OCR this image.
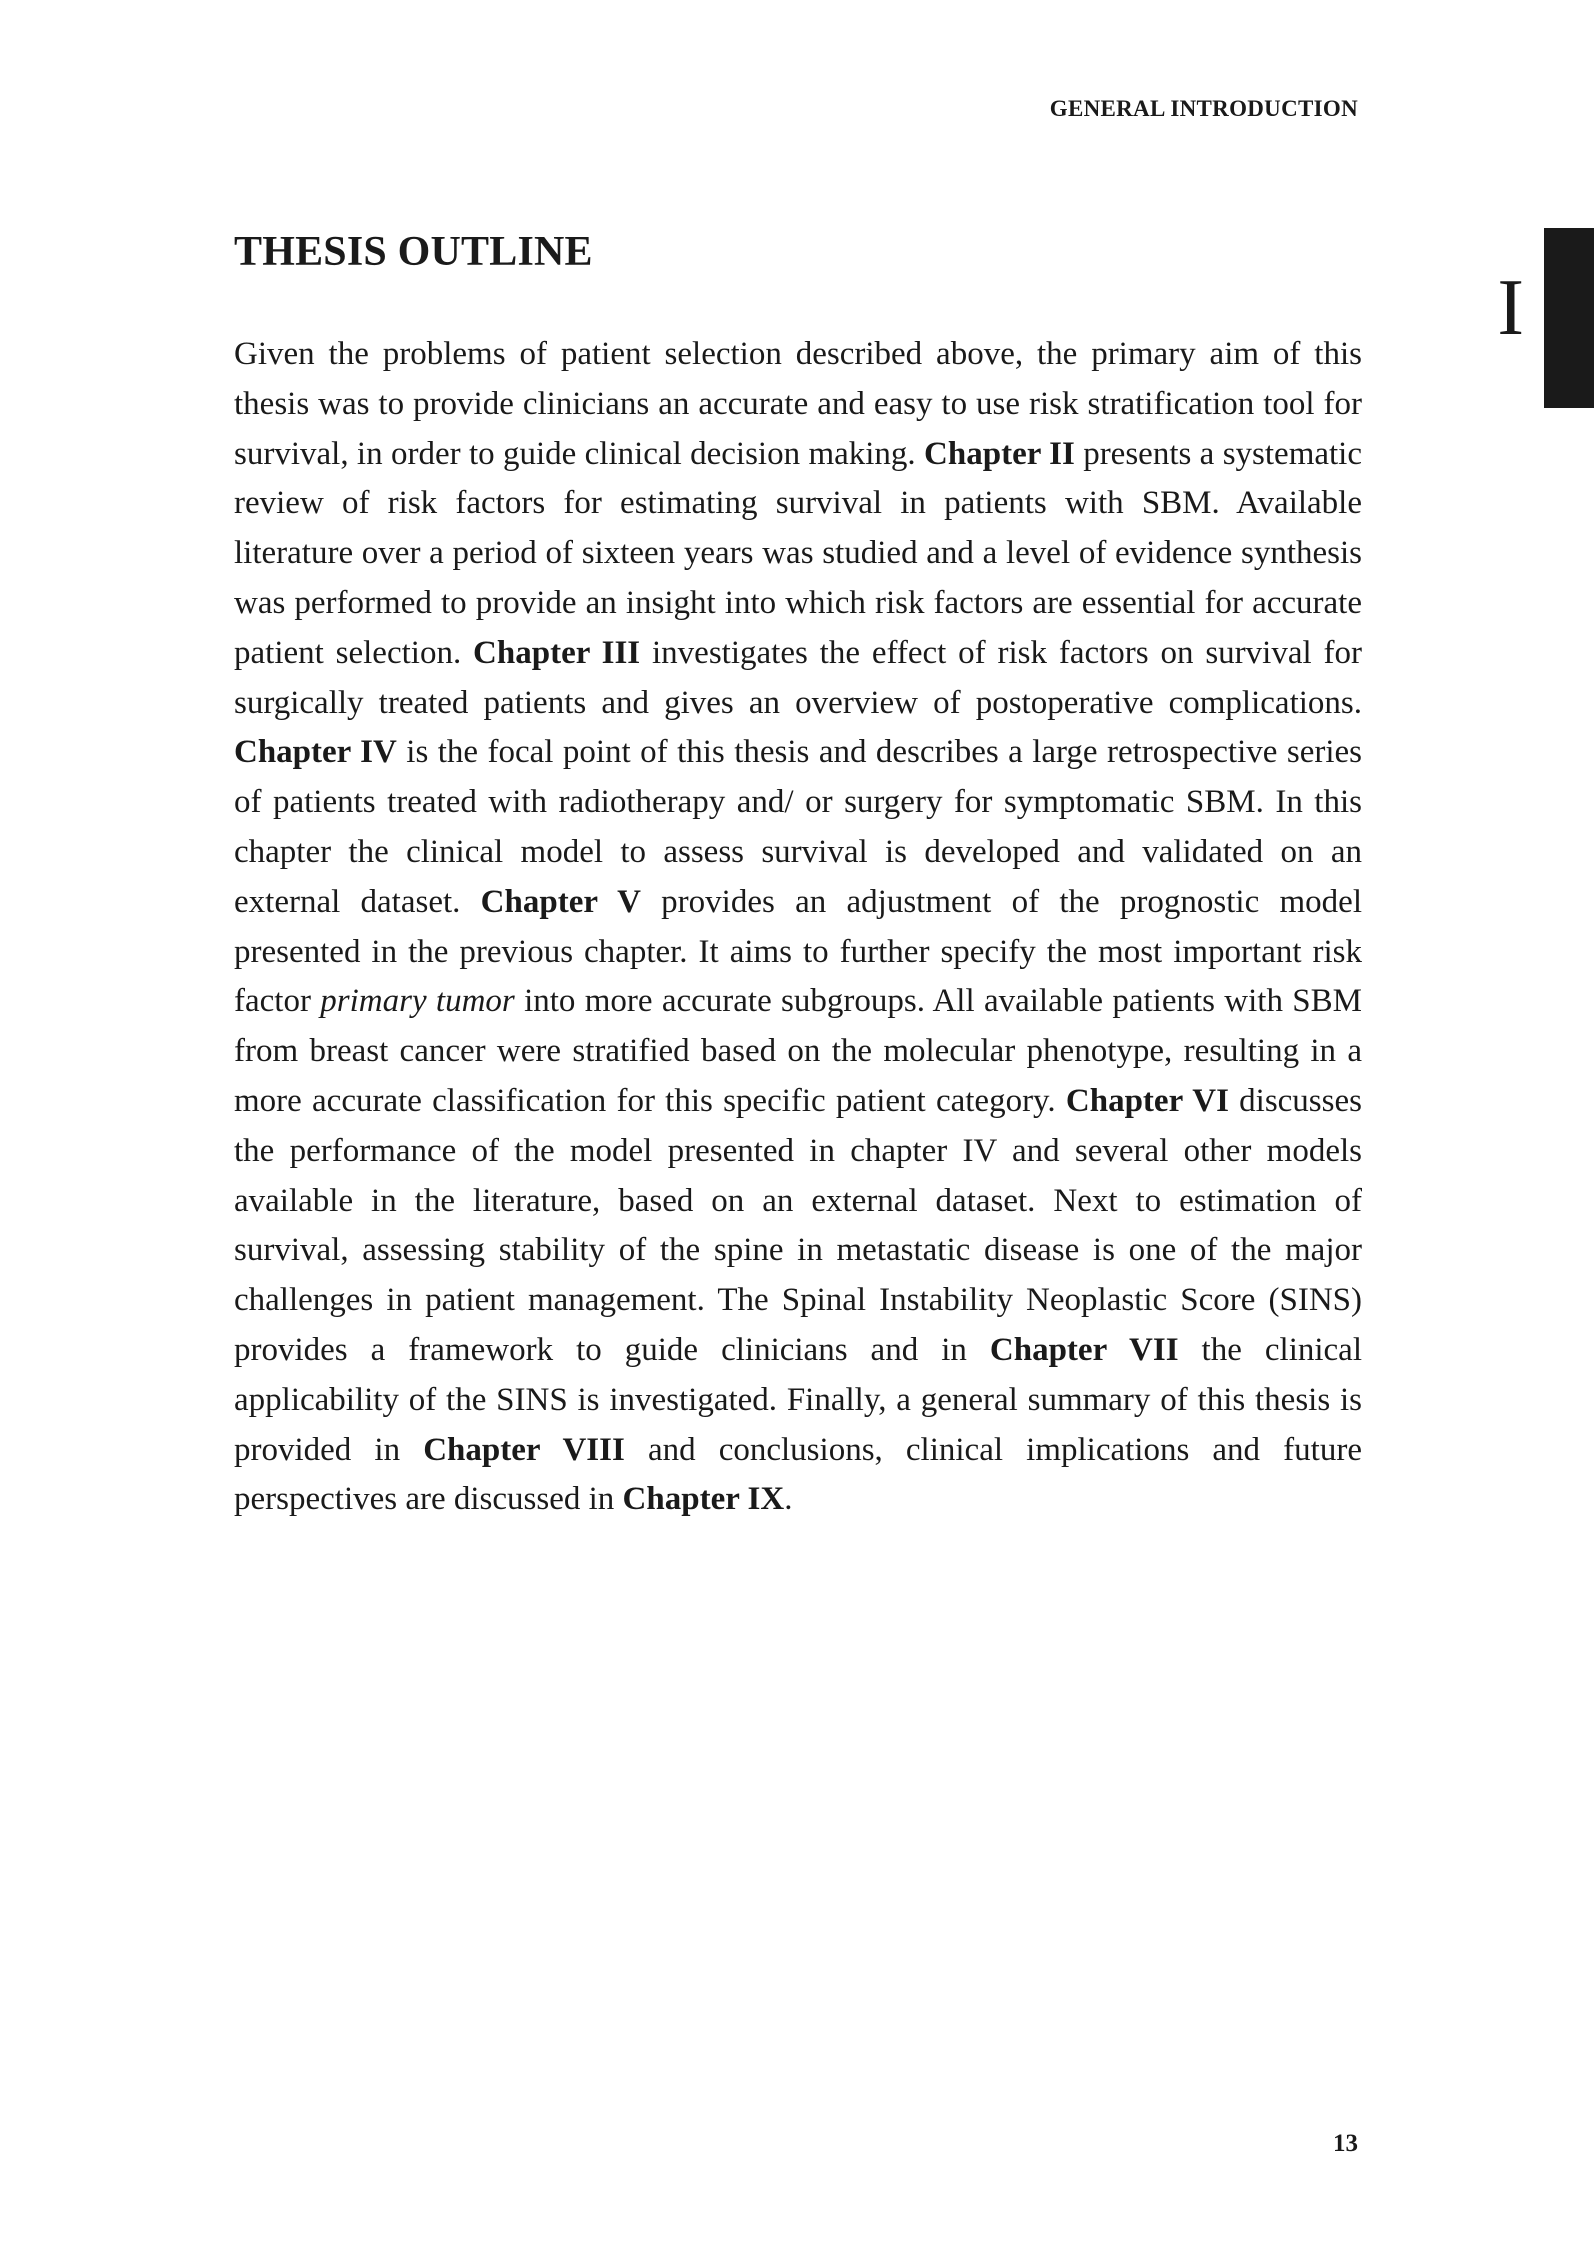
GENERAL INTRODUCTION
I
THESIS OUTLINE

Given the problems of patient selection described above, the primary aim of this thesis was to provide clinicians an accurate and easy to use risk stratification tool for survival, in order to guide clinical decision making. Chapter II presents a systematic review of risk factors for estimating survival in patients with SBM. Available literature over a period of sixteen years was studied and a level of evidence synthesis was performed to provide an insight into which risk factors are essential for accurate patient selection. Chapter III investigates the effect of risk factors on survival for surgically treated patients and gives an overview of postoperative complications. Chapter IV is the focal point of this thesis and describes a large retrospective series of patients treated with radiotherapy and/ or surgery for symptomatic SBM. In this chapter the clinical model to assess survival is developed and validated on an external dataset. Chapter V provides an adjustment of the prognostic model presented in the previous chapter. It aims to further specify the most important risk factor primary tumor into more accurate subgroups. All available patients with SBM from breast cancer were stratified based on the molecular phenotype, resulting in a more accurate classification for this specific patient category. Chapter VI discusses the performance of the model presented in chapter IV and several other models available in the literature, based on an external dataset. Next to estimation of survival, assessing stability of the spine in metastatic disease is one of the major challenges in patient management. The Spinal Instability Neoplastic Score (SINS) provides a framework to guide clinicians and in Chapter VII the clinical applicability of the SINS is investigated. Finally, a general summary of this thesis is provided in Chapter VIII and conclusions, clinical implications and future perspectives are discussed in Chapter IX.

13
